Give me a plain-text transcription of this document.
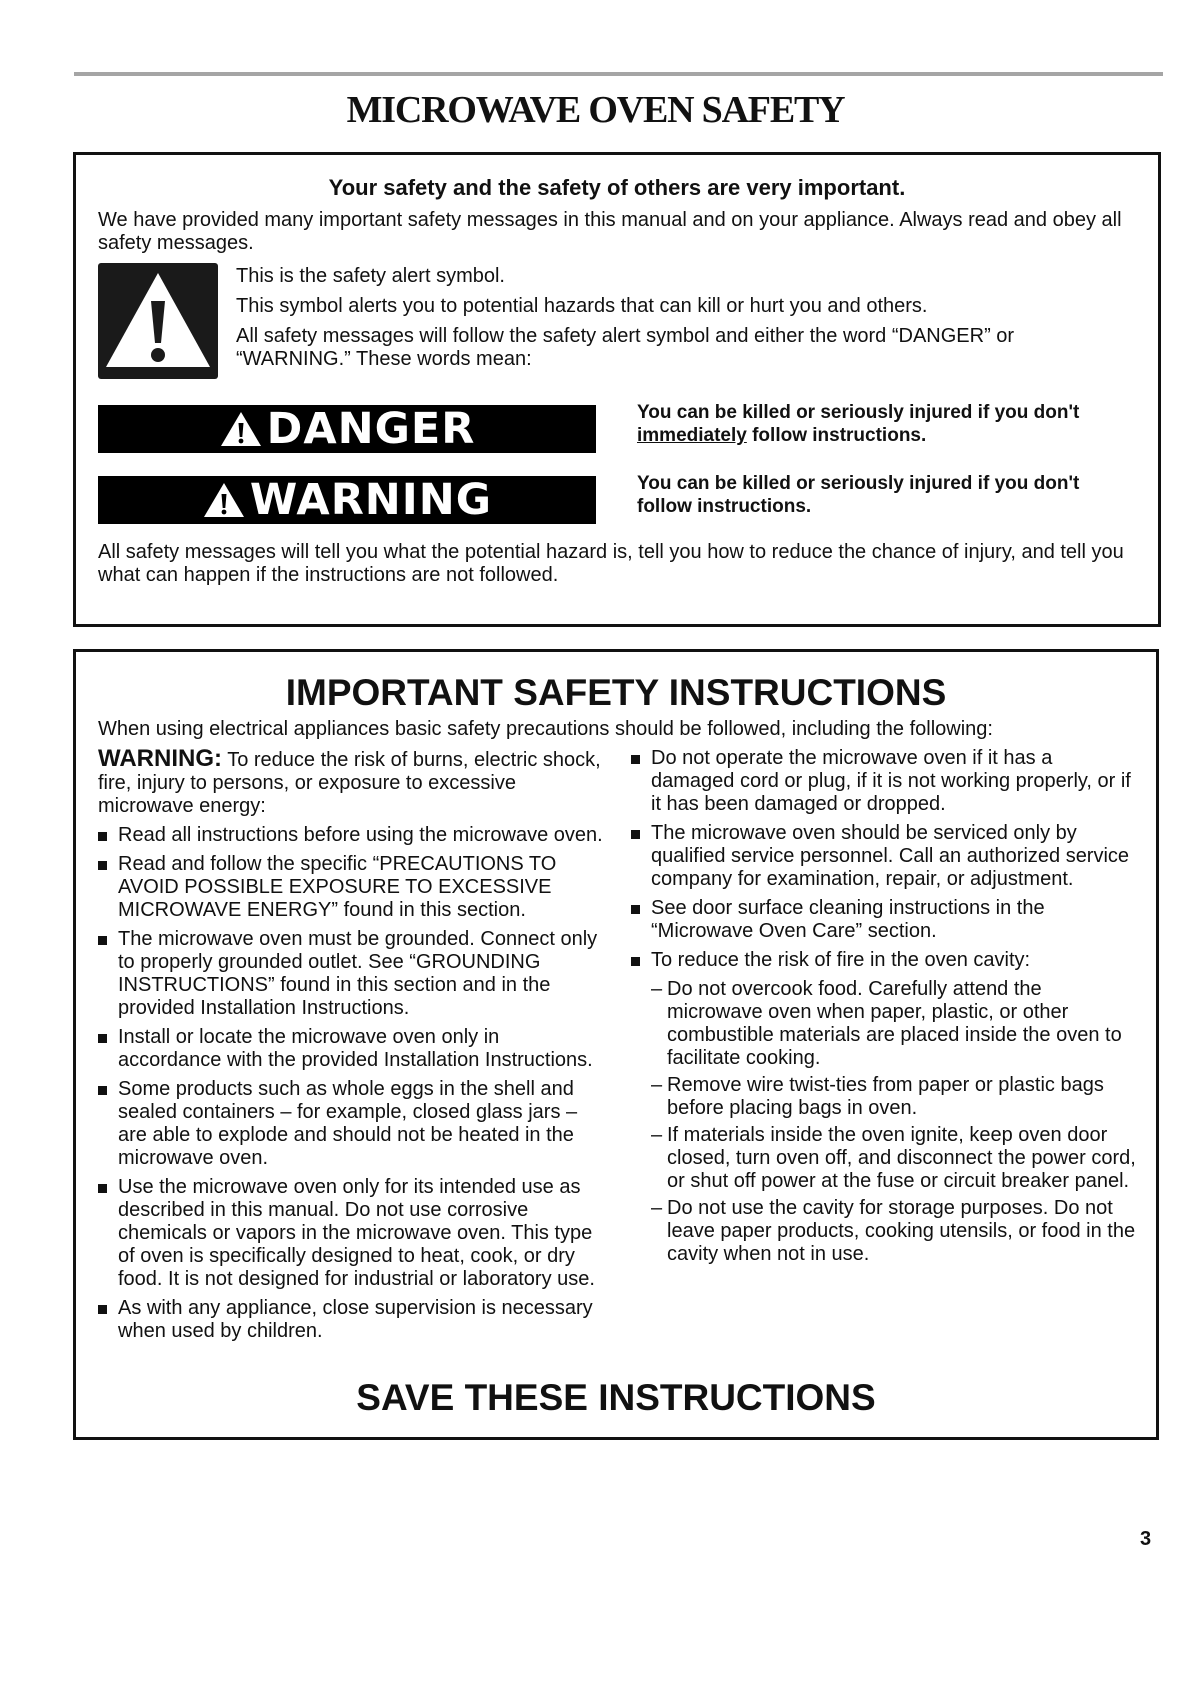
MICROWAVE OVEN SAFETY
Your safety and the safety of others are very important.
We have provided many important safety messages in this manual and on your appliance. Always read and obey all safety messages.
This is the safety alert symbol.
This symbol alerts you to potential hazards that can kill or hurt you and others.
All safety messages will follow the safety alert symbol and either the word “DANGER” or “WARNING.” These words mean:
DANGER	You can be killed or seriously injured if you don't
immediately follow instructions.
WARNING	You can be killed or seriously injured if you don't follow instructions.
All safety messages will tell you what the potential hazard is, tell you how to reduce the chance of injury, and tell you what can happen if the instructions are not followed.
IMPORTANT SAFETY INSTRUCTIONS
When using electrical appliances basic safety precautions should be followed, including the following:
WARNING: To reduce the risk of burns, electric shock, fire, injury to persons, or exposure to excessive microwave energy:
Read all instructions before using the microwave oven.
Read and follow the specific “PRECAUTIONS TO AVOID POSSIBLE EXPOSURE TO EXCESSIVE MICROWAVE ENERGY” found in this section.
The microwave oven must be grounded. Connect only to properly grounded outlet. See “GROUNDING INSTRUCTIONS” found in this section and in the provided Installation Instructions.
Install or locate the microwave oven only in accordance with the provided Installation Instructions.
Some products such as whole eggs in the shell and sealed containers – for example, closed glass jars – are able to explode and should not be heated in the microwave oven.
Use the microwave oven only for its intended use as described in this manual. Do not use corrosive chemicals or vapors in the microwave oven. This type of oven is specifically designed to heat, cook, or dry food. It is not designed for industrial or laboratory use.
As with any appliance, close supervision is necessary when used by children.
Do not operate the microwave oven if it has a damaged cord or plug, if it is not working properly, or if it has been damaged or dropped.
The microwave oven should be serviced only by qualified service personnel. Call an authorized service company for examination, repair, or adjustment.
See door surface cleaning instructions in the “Microwave Oven Care” section.
To reduce the risk of fire in the oven cavity:
– Do not overcook food. Carefully attend the microwave oven when paper, plastic, or other combustible materials are placed inside the oven to facilitate cooking.
– Remove wire twist-ties from paper or plastic bags before placing bags in oven.
– If materials inside the oven ignite, keep oven door closed, turn oven off, and disconnect the power cord, or shut off power at the fuse or circuit breaker panel.
– Do not use the cavity for storage purposes. Do not leave paper products, cooking utensils, or food in the cavity when not in use.
SAVE THESE INSTRUCTIONS
3
